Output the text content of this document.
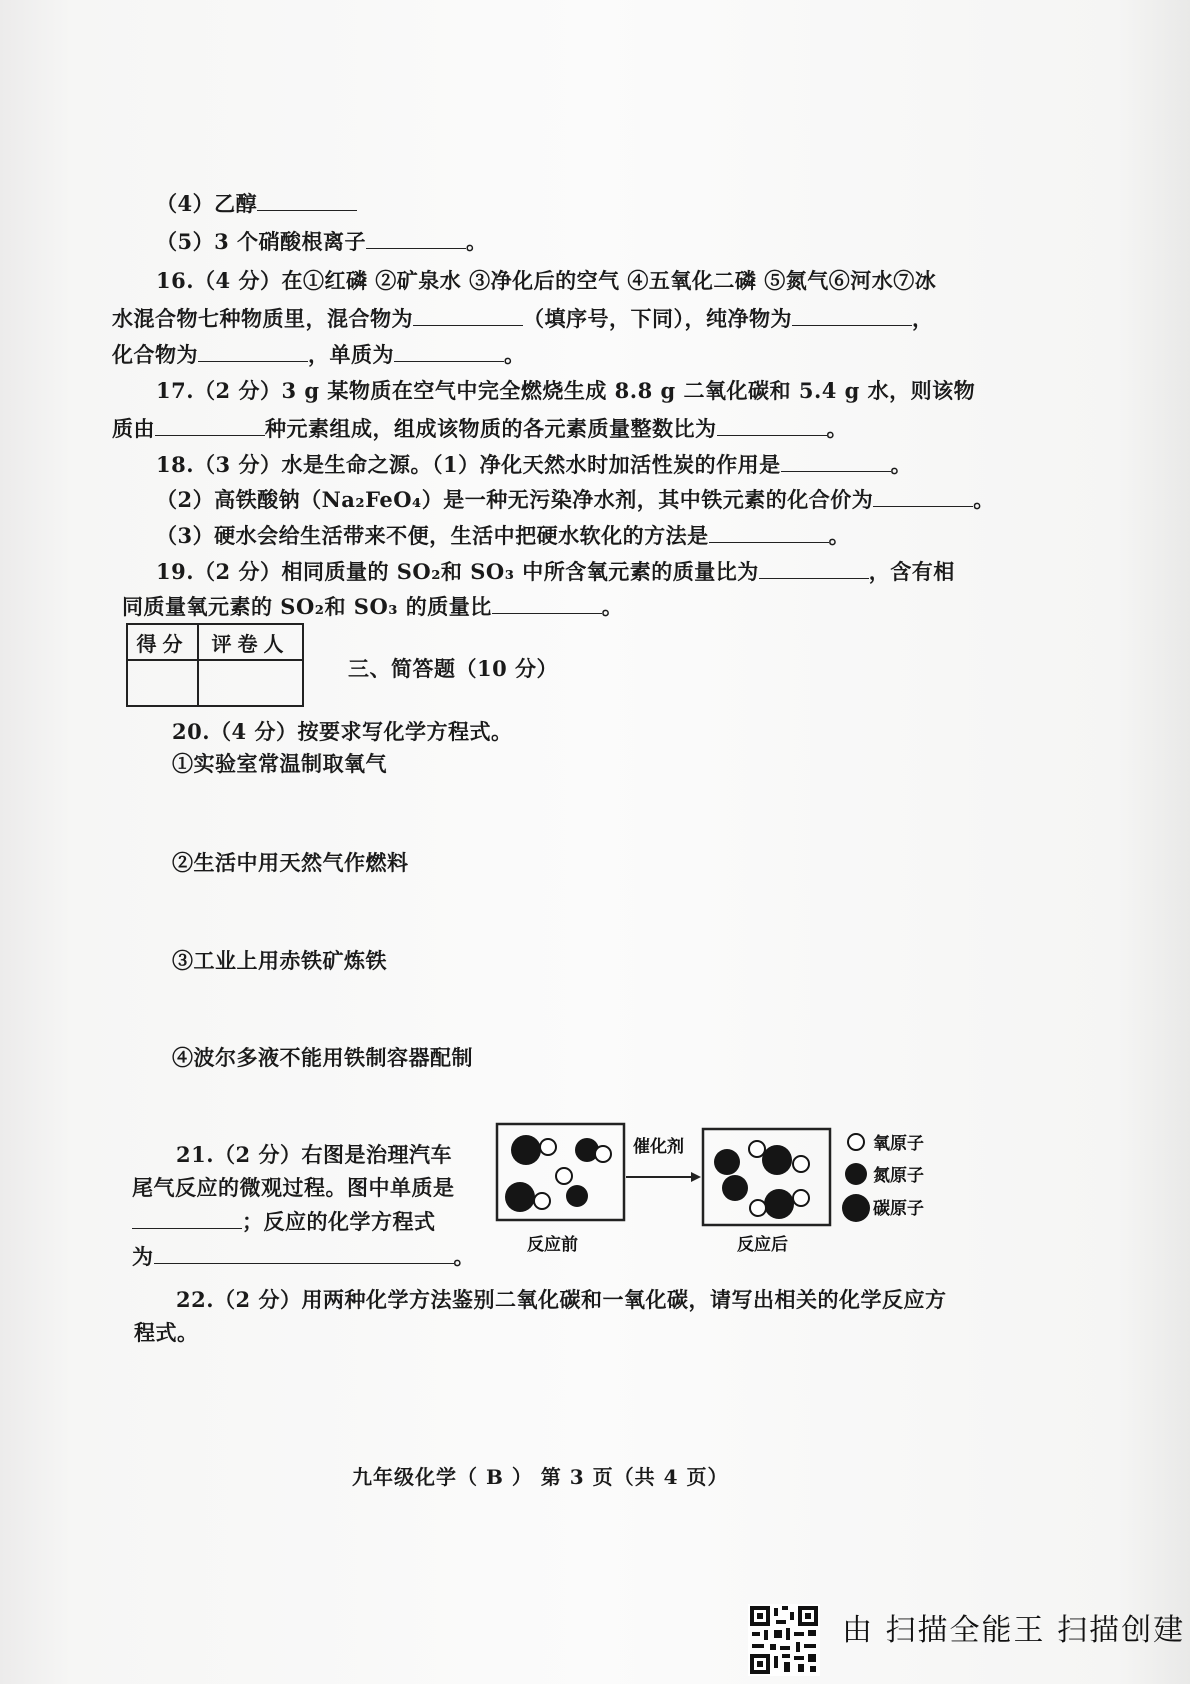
（4）乙醇
（5）3 个硝酸根离子	。
16.（4 分）在①红磷 ②矿泉水 ③净化后的空气 ④五氧化二磷 ⑤氮气⑥河水⑦冰
水混合物七种物质里，混合物为	（填序号，下同），纯净物为	，
化合物为	，单质为	。
17.（2 分）3 g 某物质在空气中完全燃烧生成 8.8 g 二氧化碳和 5.4 g 水，则该物
质由	种元素组成，组成该物质的各元素质量整数比为	。
18.（3 分）水是生命之源。（1）净化天然水时加活性炭的作用是	。
（2）高铁酸钠（Na₂FeO₄）是一种无污染净水剂，其中铁元素的化合价为	。
（3）硬水会给生活带来不便，生活中把硬水软化的方法是	。
19.（2 分）相同质量的 SO₂和 SO₃ 中所含氧元素的质量比为	，含有相
同质量氧元素的 SO₂和 SO₃ 的质量比	。
得分	评卷人

三、简答题（10 分）
20.（4 分）按要求写化学方程式。
①实验室常温制取氧气
②生活中用天然气作燃料
③工业上用赤铁矿炼铁
④波尔多液不能用铁制容器配制
21.（2 分）右图是治理汽车
尾气反应的微观过程。图中单质是
；反应的化学方程式
为	。
催化剂
反应前	反应后
氧原子
氮原子
碳原子
22.（2 分）用两种化学方法鉴别二氧化碳和一氧化碳，请写出相关的化学反应方
程式。
九年级化学（ B ） 第 3 页（共 4 页）
由 扫描全能王 扫描创建
